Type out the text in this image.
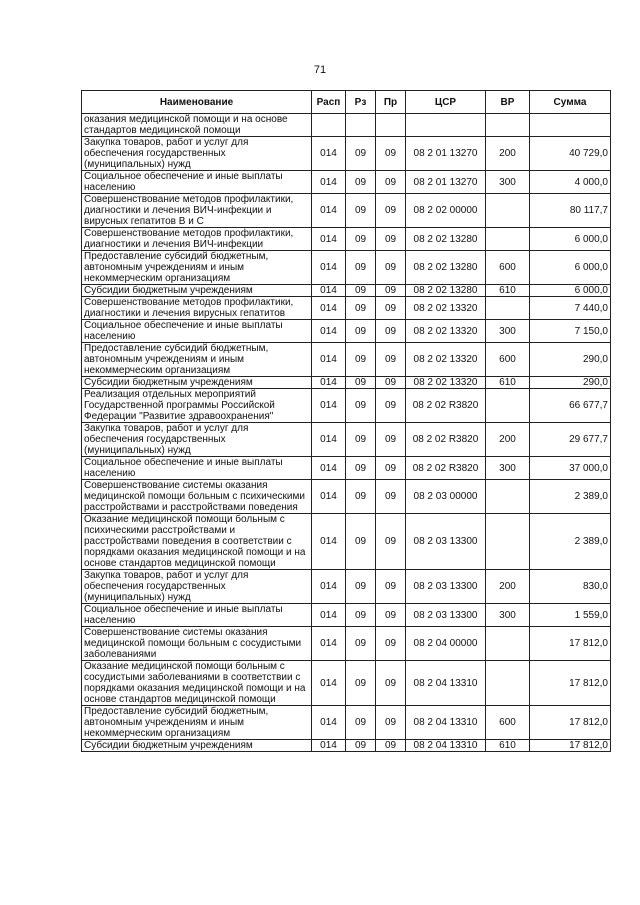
71
Наименование	Расп	Рз	Пр	ЦСР	ВР	Сумма
оказания медицинской помощи и на основе стандартов медицинской помощи						
Закупка товаров, работ и услуг для обеспечения государственных (муниципальных) нужд	014	09	09	08 2 01 13270	200	40 729,0
Социальное обеспечение и иные выплаты населению	014	09	09	08 2 01 13270	300	4 000,0
Совершенствование методов профилактики, диагностики и лечения ВИЧ-инфекции и вирусных гепатитов В и С	014	09	09	08 2 02 00000		80 117,7
Совершенствование методов профилактики, диагностики и лечения ВИЧ-инфекции	014	09	09	08 2 02 13280		6 000,0
Предоставление субсидий бюджетным, автономным учреждениям и иным некоммерческим организациям	014	09	09	08 2 02 13280	600	6 000,0
Субсидии бюджетным учреждениям	014	09	09	08 2 02 13280	610	6 000,0
Совершенствование методов профилактики, диагностики и лечения вирусных гепатитов	014	09	09	08 2 02 13320		7 440,0
Социальное обеспечение и иные выплаты населению	014	09	09	08 2 02 13320	300	7 150,0
Предоставление субсидий бюджетным, автономным учреждениям и иным некоммерческим организациям	014	09	09	08 2 02 13320	600	290,0
Субсидии бюджетным учреждениям	014	09	09	08 2 02 13320	610	290,0
Реализация отдельных мероприятий Государственной программы Российской Федерации "Развитие здравоохранения"	014	09	09	08 2 02 R3820		66 677,7
Закупка товаров, работ и услуг для обеспечения государственных (муниципальных) нужд	014	09	09	08 2 02 R3820	200	29 677,7
Социальное обеспечение и иные выплаты населению	014	09	09	08 2 02 R3820	300	37 000,0
Совершенствование системы оказания медицинской помощи больным с психическими расстройствами и расстройствами поведения	014	09	09	08 2 03 00000		2 389,0
Оказание медицинской помощи больным с психическими расстройствами и расстройствами поведения в соответствии с порядками оказания медицинской помощи и на основе стандартов медицинской помощи	014	09	09	08 2 03 13300		2 389,0
Закупка товаров, работ и услуг для обеспечения государственных (муниципальных) нужд	014	09	09	08 2 03 13300	200	830,0
Социальное обеспечение и иные выплаты населению	014	09	09	08 2 03 13300	300	1 559,0
Совершенствование системы оказания медицинской помощи больным с сосудистыми заболеваниями	014	09	09	08 2 04 00000		17 812,0
Оказание медицинской помощи больным с сосудистыми заболеваниями в соответствии с порядками оказания медицинской помощи и на основе стандартов медицинской помощи	014	09	09	08 2 04 13310		17 812,0
Предоставление субсидий бюджетным, автономным учреждениям и иным некоммерческим организациям	014	09	09	08 2 04 13310	600	17 812,0
Субсидии бюджетным учреждениям	014	09	09	08 2 04 13310	610	17 812,0
